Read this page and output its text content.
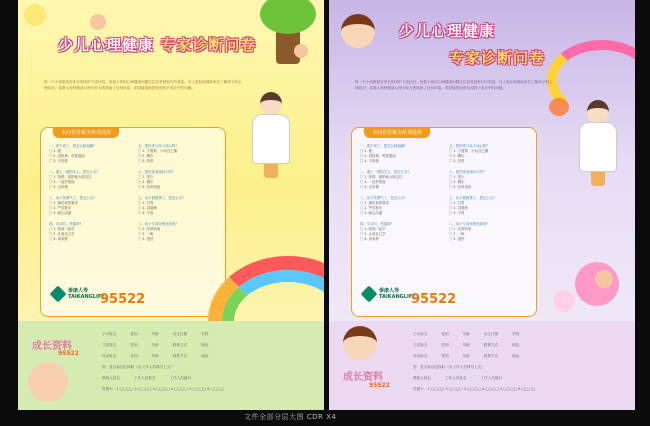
少儿心理健康 专家诊断问卷

每一个小孩都是在家长的呵护下成长的，但是小孩的心理健康问题往往容易被家长所忽视。为了更好地帮助家长了解孩子的心理状况，泰康人寿特邀请心理专家为您准备了这份问卷，希望能帮助您发现孩子成长中的问题。

本问卷答案为单项选择
一、看不到了，您怎么哄他睡？
□ 1. 抱
□ 2. 讲故事、哼摇篮曲
□ 3. 不知道
五、您经常与孩子谈心吗？
□ 1. 不需要，小孩自己懂
□ 2. 偶尔
□ 3. 经常
二、遇上一群陌生人，您怎么办？
□ 1. 热情，鼓励他大胆交往
□ 2. 一直护着他
□ 3. 无所谓
六、您经常表扬孩子吗？
□ 1. 很少
□ 2. 偶尔
□ 3. 经常表扬
三、孩子发脾气了，您怎么办？
□ 1. 满足他的要求
□ 2. 严厉批评
□ 3. 耐心沟通
七、孩子做错事了，您怎么办？
□ 1. 打骂
□ 2. 讲道理
□ 3. 不管
四、学习时，您通常？
□ 1. 陪他一起学
□ 2. 让他自己学
□ 3. 请家教
八、孩子与同伴相处如何？
□ 1. 经常吵架
□ 2. 一般
□ 3. 很好
泰康人寿
TAIKANGLIFE
95522
成长资料
95522
子女姓名	性别	年龄	出生日期	学校
父亲姓名	性别	年龄	联系方式	地址
母亲姓名	性别	年龄	联系方式	地址
您：是否参加过保险（由工作人员填写上交）
联系人姓名	工作人员姓名	工作人员编号
答题卡：1.□□□□ 2.□□□□ 3.□□□□ 4.□□□□ 5.□□□□ 6.□□□□
少儿心理健康
专家诊断问卷

每一个小孩都是在家长的呵护下成长的，但是小孩的心理健康问题往往容易被家长所忽视。为了更好地帮助家长了解孩子的心理状况，泰康人寿特邀请心理专家为您准备了这份问卷，希望能帮助您发现孩子成长中的问题。

本问卷答案为单项选择
一、看不到了，您怎么哄他睡？
□ 1. 抱
□ 2. 讲故事、哼摇篮曲
□ 3. 不知道
五、您经常与孩子谈心吗？
□ 1. 不需要，小孩自己懂
□ 2. 偶尔
□ 3. 经常
二、遇上一群陌生人，您怎么办？
□ 1. 热情，鼓励他大胆交往
□ 2. 一直护着他
□ 3. 无所谓
六、您经常表扬孩子吗？
□ 1. 很少
□ 2. 偶尔
□ 3. 经常表扬
三、孩子发脾气了，您怎么办？
□ 1. 满足他的要求
□ 2. 严厉批评
□ 3. 耐心沟通
七、孩子做错事了，您怎么办？
□ 1. 打骂
□ 2. 讲道理
□ 3. 不管
四、学习时，您通常？
□ 1. 陪他一起学
□ 2. 让他自己学
□ 3. 请家教
八、孩子与同伴相处如何？
□ 1. 经常吵架
□ 2. 一般
□ 3. 很好
泰康人寿
TAIKANGLIFE
95522
成长资料
95522
子女姓名	性别	年龄	出生日期	学校
父亲姓名	性别	年龄	联系方式	地址
母亲姓名	性别	年龄	联系方式	地址
您：是否参加过保险（由工作人员填写上交）
联系人姓名	工作人员姓名	工作人员编号
答题卡：1.□□□□ 2.□□□□ 3.□□□□ 4.□□□□ 5.□□□□ 6.□□□□
文件全部分层大图 CDR X4
